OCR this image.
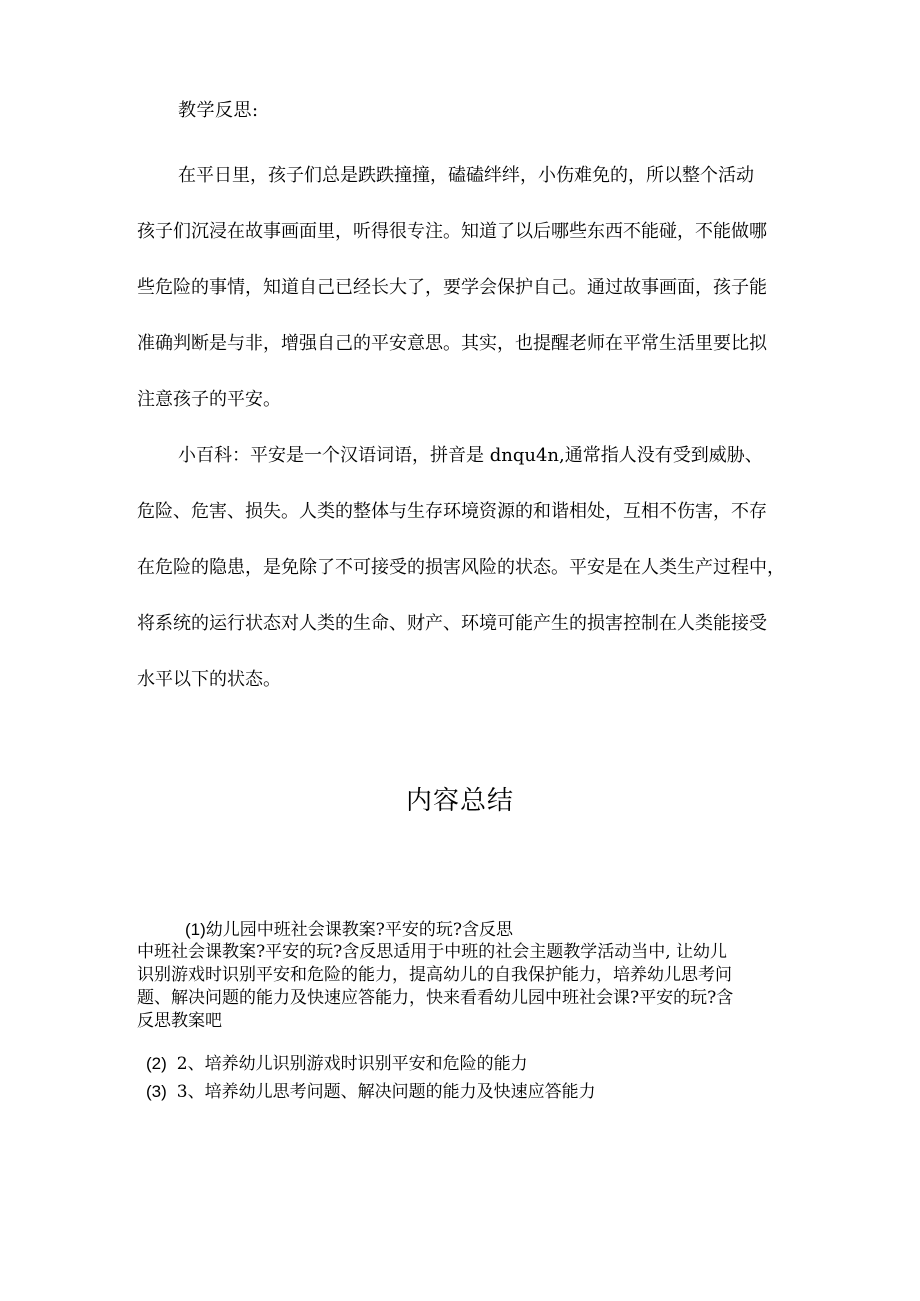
教学反思:
在平日里，孩子们总是跌跌撞撞，磕磕绊绊，小伤难免的，所以整个活动
孩子们沉浸在故事画面里，听得很专注。知道了以后哪些东西不能碰，不能做哪
些危险的事情，知道自己已经长大了，要学会保护自己。通过故事画面，孩子能
准确判断是与非，增强自己的平安意思。其实，也提醒老师在平常生活里要比拟
注意孩子的平安。
小百科：平安是一个汉语词语，拼音是 dnqu4n,通常指人没有受到威胁、
危险、危害、损失。人类的整体与生存环境资源的和谐相处，互相不伤害，不存
在危险的隐患，是免除了不可接受的损害风险的状态。平安是在人类生产过程中，
将系统的运行状态对人类的生命、财产、环境可能产生的损害控制在人类能接受
水平以下的状态。
内容总结
(1)幼儿园中班社会课教案?平安的玩?含反思
中班社会课教案?平安的玩?含反思适用于中班的社会主题教学活动当中, 让幼儿
识别游戏时识别平安和危险的能力，提高幼儿的自我保护能力，培养幼儿思考问
题、解决问题的能力及快速应答能力，快来看看幼儿园中班社会课?平安的玩?含
反思教案吧
(2) 2、培养幼儿识别游戏时识别平安和危险的能力
(3) 3、培养幼儿思考问题、解决问题的能力及快速应答能力
